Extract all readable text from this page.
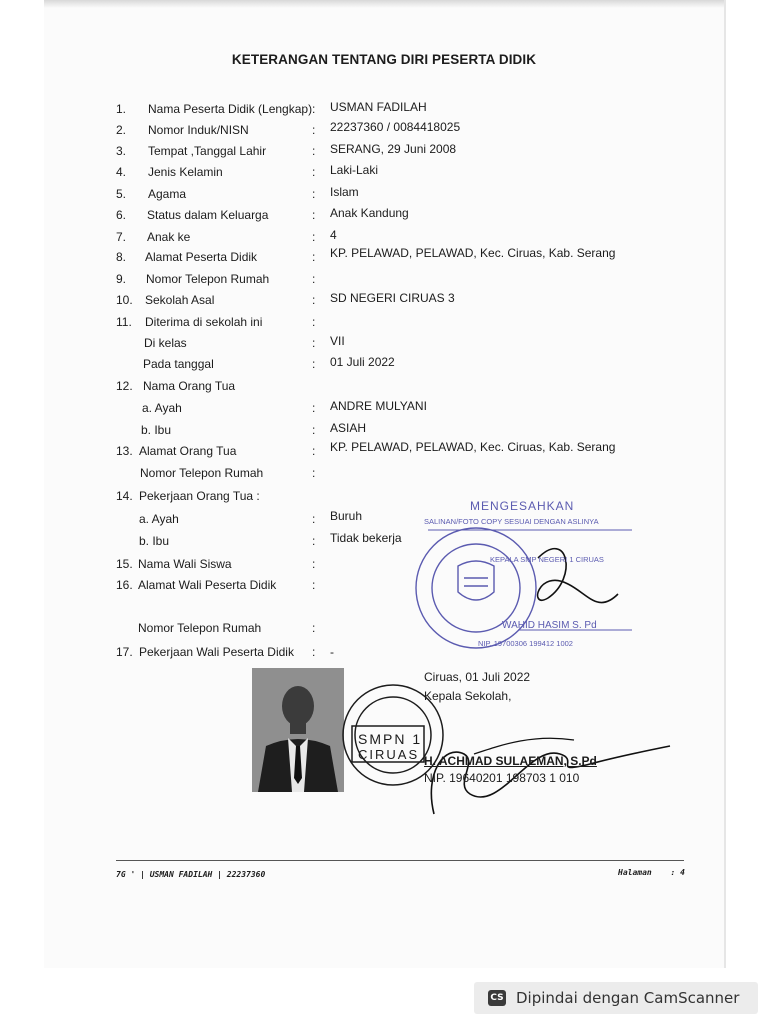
KETERANGAN TENTANG DIRI PESERTA DIDIK
1. Nama Peserta Didik (Lengkap) : USMAN FADILAH
2. Nomor Induk/NISN	: 22237360 / 0084418025
3. Tempat ,Tanggal Lahir	: SERANG, 29 Juni 2008
4. Jenis Kelamin	: Laki-Laki
5. Agama	: Islam
6. Status dalam Keluarga	: Anak Kandung
7. Anak ke	: 4
8. Alamat Peserta Didik	: KP. PELAWAD, PELAWAD, Kec. Ciruas, Kab. Serang
9. Nomor Telepon Rumah	:
10. Sekolah Asal	: SD NEGERI CIRUAS 3
11. Diterima di sekolah ini	:
Di kelas	: VII
Pada tanggal	: 01 Juli 2022
12. Nama Orang Tua
a. Ayah	: ANDRE MULYANI
b. Ibu	: ASIAH
13. Alamat Orang Tua	: KP. PELAWAD, PELAWAD, Kec. Ciruas, Kab. Serang
Nomor Telepon Rumah	:
14. Pekerjaan Orang Tua :
a. Ayah	: Buruh
b. Ibu	: Tidak bekerja
15. Nama Wali Siswa	:
16. Alamat Wali Peserta Didik	:
Nomor Telepon Rumah	:
17. Pekerjaan Wali Peserta Didik : -
MENGESAHKAN
SALINAN/FOTO COPY SESUAI DENGAN ASLINYA
KEPALA SMP NEGERI 1 CIRUAS
WAHID HASIM S. Pd
NIP. 19700306 199412 1002
SMPN 1
CIRUAS
Ciruas, 01 Juli 2022
Kepala Sekolah,
H. ACHMAD SULAEMAN, S.Pd
NIP. 19640201 198703 1 010
7G ' | USMAN FADILAH | 22237360	Halaman : 4
CS Dipindai dengan CamScanner
